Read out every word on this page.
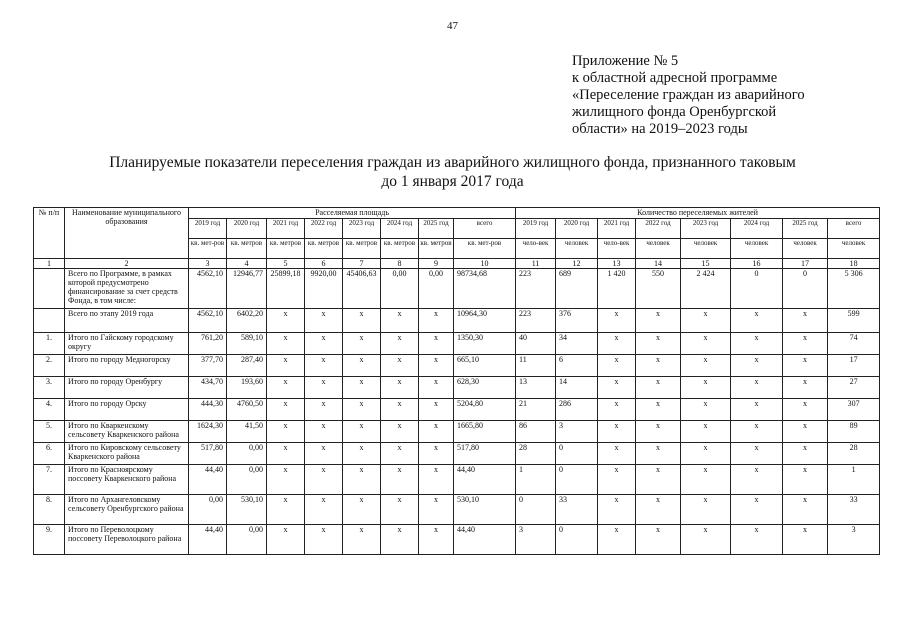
47
Приложение № 5
к областной адресной программе
«Переселение граждан из аварийного
жилищного фонда Оренбургской
области» на 2019–2023 годы
Планируемые показатели переселения граждан из аварийного жилищного фонда, признанного таковым
до 1 января 2017 года
№ п/п	Наименование муниципального образования	Расселяемая площадь								Количество переселяемых жителей							
		2019 год	2020 год	2021 год	2022 год	2023 год	2024 год	2025 год	всего	2019 год	2020 год	2021 год	2022 год	2023 год	2024 год	2025 год	всего
		кв. мет-ров	кв. метров	кв. метров	кв. метров	кв. метров	кв. метров	кв. метров	кв. мет-ров	чело-век	человек	чело-век	человек	человек	человек	человек	человек
1	2	3	4	5	6	7	8	9	10	11	12	13	14	15	16	17	18
	Всего по Программе, в рамках которой предусмотрено финансирование за счет средств Фонда, в том числе:	4562,10	12946,77	25899,18	9920,00	45406,63	0,00	0,00	98734,68	223	689	1 420	550	2 424	0	0	5 306
	Всего по этапу 2019 года	4562,10	6402,20	x	x	x	x	x	10964,30	223	376	x	x	x	x	x	599
1.	Итого по Гайскому городскому округу	761,20	589,10	x	x	x	x	x	1350,30	40	34	x	x	x	x	x	74
2.	Итого по городу Медногорску	377,70	287,40	x	x	x	x	x	665,10	11	6	x	x	x	x	x	17
3.	Итого по городу Оренбургу	434,70	193,60	x	x	x	x	x	628,30	13	14	x	x	x	x	x	27
4.	Итого по городу Орску	444,30	4760,50	x	x	x	x	x	5204,80	21	286	x	x	x	x	x	307
5.	Итого по Кваркенскому сельсовету Кваркенского района	1624,30	41,50	x	x	x	x	x	1665,80	86	3	x	x	x	x	x	89
6.	Итого по Кировскому сельсовету Кваркенского района	517,80	0,00	x	x	x	x	x	517,80	28	0	x	x	x	x	x	28
7.	Итого по Красноярскому поссовету Кваркенского района	44,40	0,00	x	x	x	x	x	44,40	1	0	x	x	x	x	x	1
8.	Итого по Архангеловскому сельсовету Оренбургского района	0,00	530,10	x	x	x	x	x	530,10	0	33	x	x	x	x	x	33
9.	Итого по Переволоцкому поссовету Переволоцкого района	44,40	0,00	x	x	x	x	x	44,40	3	0	x	x	x	x	x	3
